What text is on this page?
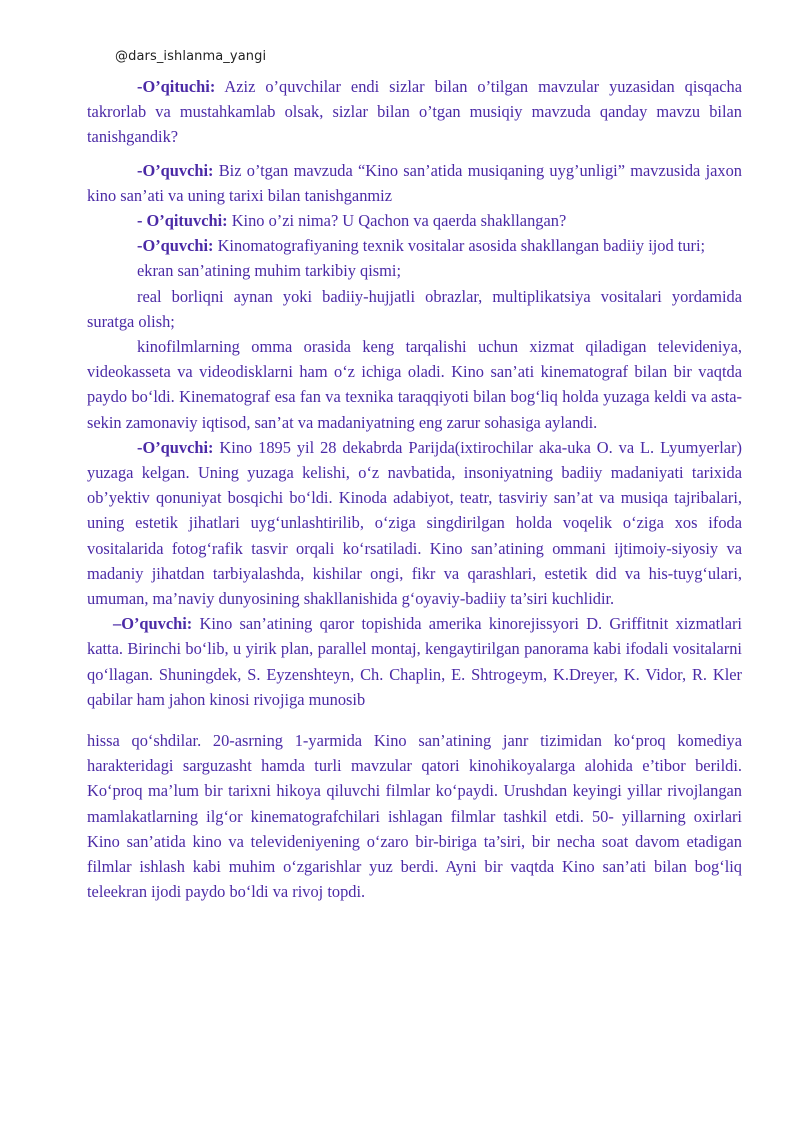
@dars_ishlanma_yangi

-O’qituchi: Aziz o’quvchilar endi sizlar bilan o’tilgan mavzular yuzasidan qisqacha takrorlab va mustahkamlab olsak, sizlar bilan o’tgan musiqiy mavzuda qanday mavzu bilan tanishgandik?

-O’quvchi: Biz o’tgan mavzuda “Kino san’atida musiqaning uyg’unligi” mavzusida jaxon kino san’ati va uning tarixi bilan tanishganmiz

- O’qituvchi: Kino o’zi nima? U Qachon va qaerda shakllangan?

-O’quvchi: Kinomatografiyaning texnik vositalar asosida shakllangan badiiy ijod turi;

ekran san’atining muhim tarkibiy qismi;

real borliqni aynan yoki badiiy-hujjatli obrazlar, multiplikatsiya vositalari yordamida suratga olish;

kinofilmlarning omma orasida keng tarqalishi uchun xizmat qiladigan televideniya, videokasseta va videodisklarni ham o‘z ichiga oladi. Kino san’ati kinematograf bilan bir vaqtda paydo bo‘ldi. Kinematograf esa fan va texnika taraqqiyoti bilan bog‘liq holda yuzaga keldi va asta-sekin zamonaviy iqtisod, san’at va madaniyatning eng zarur sohasiga aylandi.

-O’quvchi: Kino 1895 yil 28 dekabrda Parijda(ixtirochilar aka-uka O. va L. Lyumyerlar) yuzaga kelgan. Uning yuzaga kelishi, o‘z navbatida, insoniyatning badiiy madaniyati tarixida ob’yektiv qonuniyat bosqichi bo‘ldi. Kinoda adabiyot, teatr, tasviriy san’at va musiqa tajribalari, uning estetik jihatlari uyg‘unlashtirilib, o‘ziga singdirilgan holda voqelik o‘ziga xos ifoda vositalarida fotog‘rafik tasvir orqali ko‘rsatiladi. Kino san’atining ommani ijtimoiy-siyosiy va madaniy jihatdan tarbiyalashda, kishilar ongi, fikr va qarashlari, estetik did va his-tuyg‘ulari, umuman, ma’naviy dunyosining shakllanishida g‘oyaviy-badiiy ta’siri kuchlidir.

–O’quvchi: Kino san’atining qaror topishida amerika kinorejissyori D. Griffitnit xizmatlari katta. Birinchi bo‘lib, u yirik plan, parallel montaj, kengaytirilgan panorama kabi ifodali vositalarni qo‘llagan. Shuningdek, S. Eyzenshteyn, Ch. Chaplin, E. Shtrogeym, K.Dreyer, K. Vidor, R. Kler qabilar ham jahon kinosi rivojiga munosib

hissa qo‘shdilar. 20-asrning 1-yarmida Kino san’atining janr tizimidan ko‘proq komediya harakteridagi sarguzasht hamda turli mavzular qatori kinohikoyalarga alohida e’tibor berildi. Ko‘proq ma’lum bir tarixni hikoya qiluvchi filmlar ko‘paydi. Urushdan keyingi yillar rivojlangan mamlakatlarning ilg‘or kinematografchilari ishlagan filmlar tashkil etdi. 50- yillarning oxirlari Kino san’atida kino va televideniyening o‘zaro bir-biriga ta’siri, bir necha soat davom etadigan filmlar ishlash kabi muhim o‘zgarishlar yuz berdi. Ayni bir vaqtda Kino san’ati bilan bog‘liq teleekran ijodi paydo bo‘ldi va rivoj topdi.
